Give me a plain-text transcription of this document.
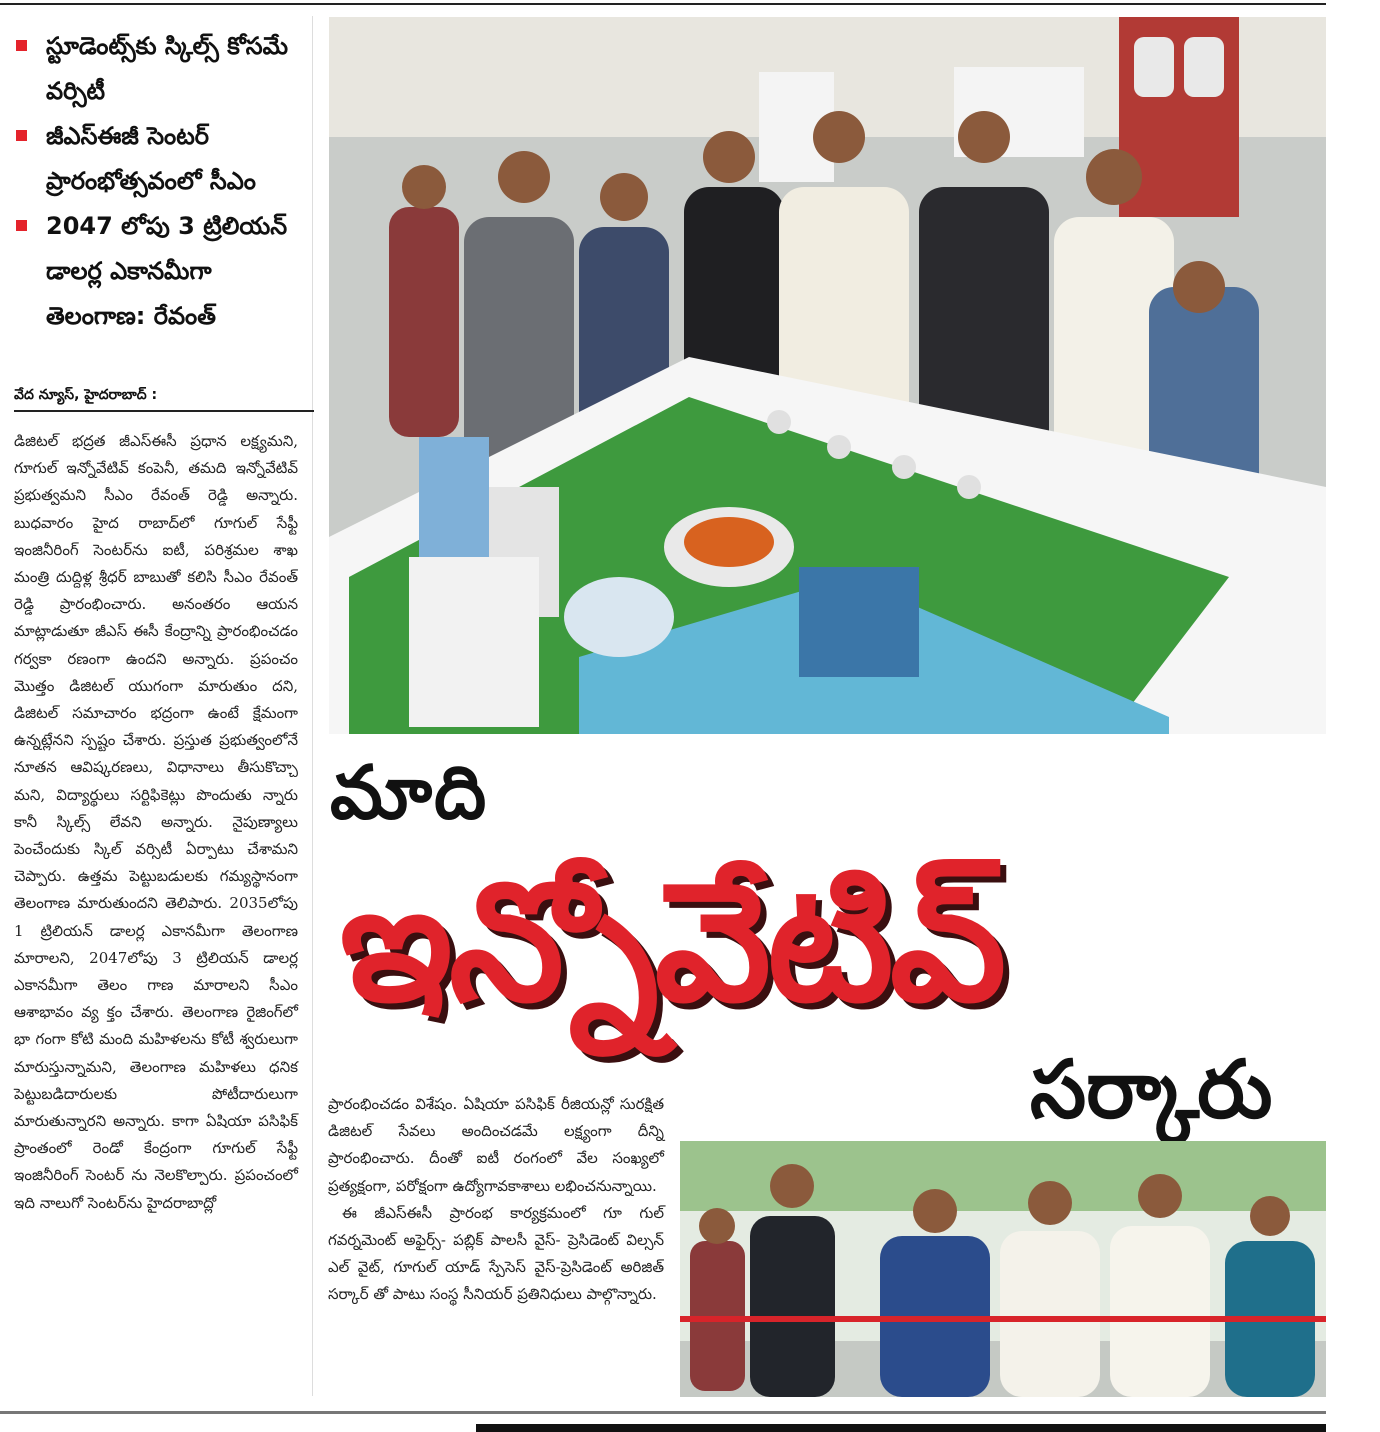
స్టూడెంట్స్‌కు స్కిల్స్ కోసమే వర్సిటీ
జీఎస్‌ఈజీ సెంటర్ ప్రారంభోత్సవంలో సీఎం
2047 లోపు 3 ట్రిలియన్ డాలర్ల ఎకానమీగా తెలంగాణ: రేవంత్
వేద న్యూస్, హైదరాబాద్ :

డిజిటల్ భద్రత జీఎస్ఈసీ ప్రధాన లక్ష్యమని, గూగుల్ ఇన్నోవేటివ్ కంపెనీ, తమది ఇన్నోవేటివ్ ప్రభుత్వమని సీఎం రేవంత్ రెడ్డి అన్నారు. బుధవారం హైద రాబాద్‌లో గూగుల్ సేఫ్టీ ఇంజినీరింగ్ సెంటర్‌ను ఐటీ, పరిశ్రమల శాఖ మంత్రి దుద్దిళ్ల శ్రీధర్ బాబుతో కలిసి సీఎం రేవంత్ రెడ్డి ప్రారంభించారు. అనంతరం ఆయన మాట్లాడుతూ జీఎస్ ఈసీ కేంద్రాన్ని ప్రారంభించడం గర్వకా రణంగా ఉందని అన్నారు. ప్రపంచం మొత్తం డిజిటల్ యుగంగా మారుతుం దని, డిజిటల్ సమాచారం భద్రంగా ఉంటే క్షేమంగా ఉన్నట్లేనని స్పష్టం చేశారు. ప్రస్తుత ప్రభుత్వంలోనే నూతన ఆవిష్కరణలు, విధానాలు తీసుకొచ్చా మని, విద్యార్థులు సర్టిఫికెట్లు పొందుతు న్నారు కానీ స్కిల్స్ లేవని అన్నారు. నైపుణ్యాలు పెంచేందుకు స్కిల్ వర్సిటీ ఏర్పాటు చేశామని చెప్పారు. ఉత్తమ పెట్టుబడులకు గమ్యస్థానంగా తెలంగాణ మారుతుందని తెలిపారు. 2035లోపు 1 ట్రిలియన్ డాలర్ల ఎకానమీగా తెలంగాణ మారాలని, 2047లోపు 3 ట్రిలియన్ డాలర్ల ఎకానమీగా తెలం గాణ మారాలని సీఎం ఆశాభావం వ్య క్తం చేశారు. తెలంగాణ రైజింగ్‌లో భా గంగా కోటి మంది మహిళలను కోటీ శ్వరులుగా మారుస్తున్నామని, తెలంగాణ మహిళలు ధనిక పెట్టుబడిదారులకు పోటీదారులుగా మారుతున్నారని అన్నారు. కాగా ఏషియా పసిఫిక్ ప్రాంతంలో రెండో కేంద్రంగా గూగుల్ సేఫ్టీ ఇంజినీరింగ్ సెంటర్ ను నెలకొల్పారు. ప్రపంచంలో ఇది నాలుగో సెంటర్‌ను హైదరాబాద్లో

మాది
ఇన్నోవేటివ్
సర్కారు

ప్రారంభించడం విశేషం. ఏషియా పసిఫిక్ రీజియన్లో సురక్షిత డిజిటల్ సేవలు అందించడమే లక్ష్యంగా దీన్ని ప్రారంభించారు. దీంతో ఐటీ రంగంలో వేల సంఖ్యలో ప్రత్యక్షంగా, పరోక్షంగా ఉద్యోగావకాశాలు లభించనున్నాయి.

ఈ జీఎస్ఈసీ ప్రారంభ కార్యక్రమంలో గూ గుల్ గవర్నమెంట్ అఫైర్స్- పబ్లిక్ పాలసీ వైస్- ప్రెసిడెంట్ విల్సన్ ఎల్ వైట్, గూగుల్ యాడ్ స్పేసెస్ వైస్-ప్రెసిడెంట్ అరిజిత్ సర్కార్ తో పాటు సంస్థ సీనియర్ ప్రతినిధులు పాల్గొన్నారు.
